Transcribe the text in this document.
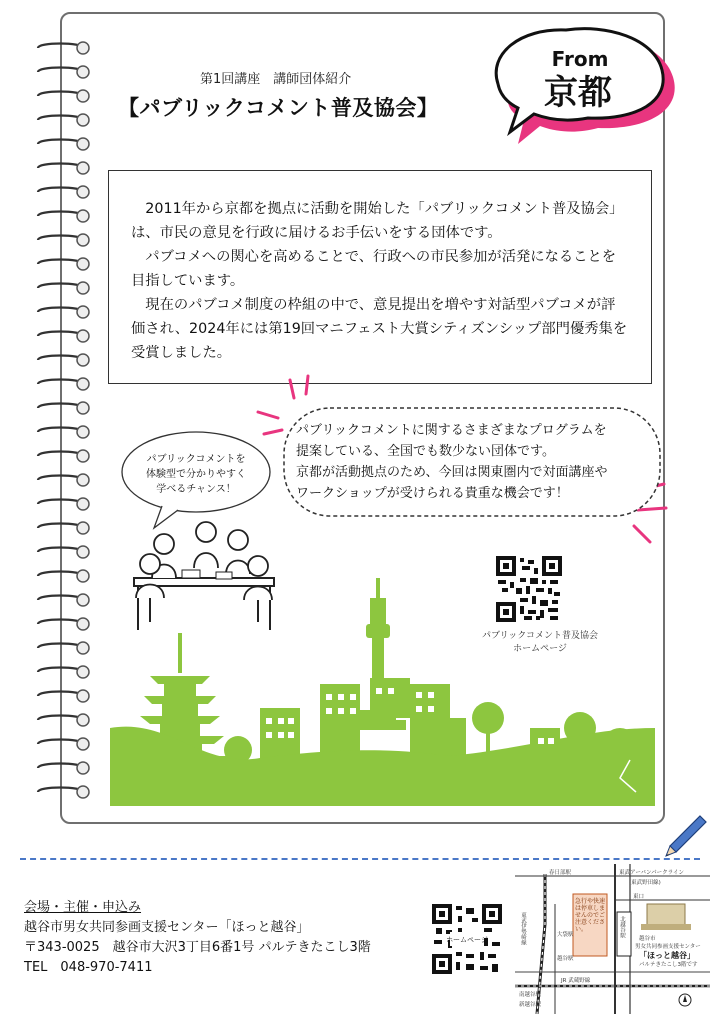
第1回講座　講師団体紹介
【パブリックコメント普及協会】
From
京都

2011年から京都を拠点に活動を開始した「パブリックコメント普及協会」は、市民の意見を行政に届けるお手伝いをする団体です。

パブコメへの関心を高めることで、行政への市民参加が活発になることを目指しています。

現在のパブコメ制度の枠組の中で、意見提出を増やす対話型パブコメが評価され、2024年には第19回マニフェスト大賞シティズンシップ部門優秀集を受賞しました。

パブリックコメントに関するさまざまなプログラムを
提案している、全国でも数少ない団体です。
京都が活動拠点のため、今回は関東圏内で対面講座や
ワークショップが受けられる貴重な機会です！
パブリックコメントを
体験型で分かりやすく
学べるチャンス！
パブリックコメント普及協会
ホームページ
会場・主催・申込み
越谷市男女共同参画支援センター「ほっと越谷」
〒343-0025　越谷市大沢3丁目6番1号 パルテきたこし3階
TEL　048-970-7411
ホームページ
東武アーバンパークライン
(東武野田線)
急行や快速は停車しませんのでご注意ください。
東口
北越谷駅
越谷市
男女共同参画支援センター
「ほっと越谷」
パルテきたこし3階です
JR 武蔵野線
東武伊勢崎線
春日部駅
大袋駅
越谷駅
南越谷駅
新越谷駅
